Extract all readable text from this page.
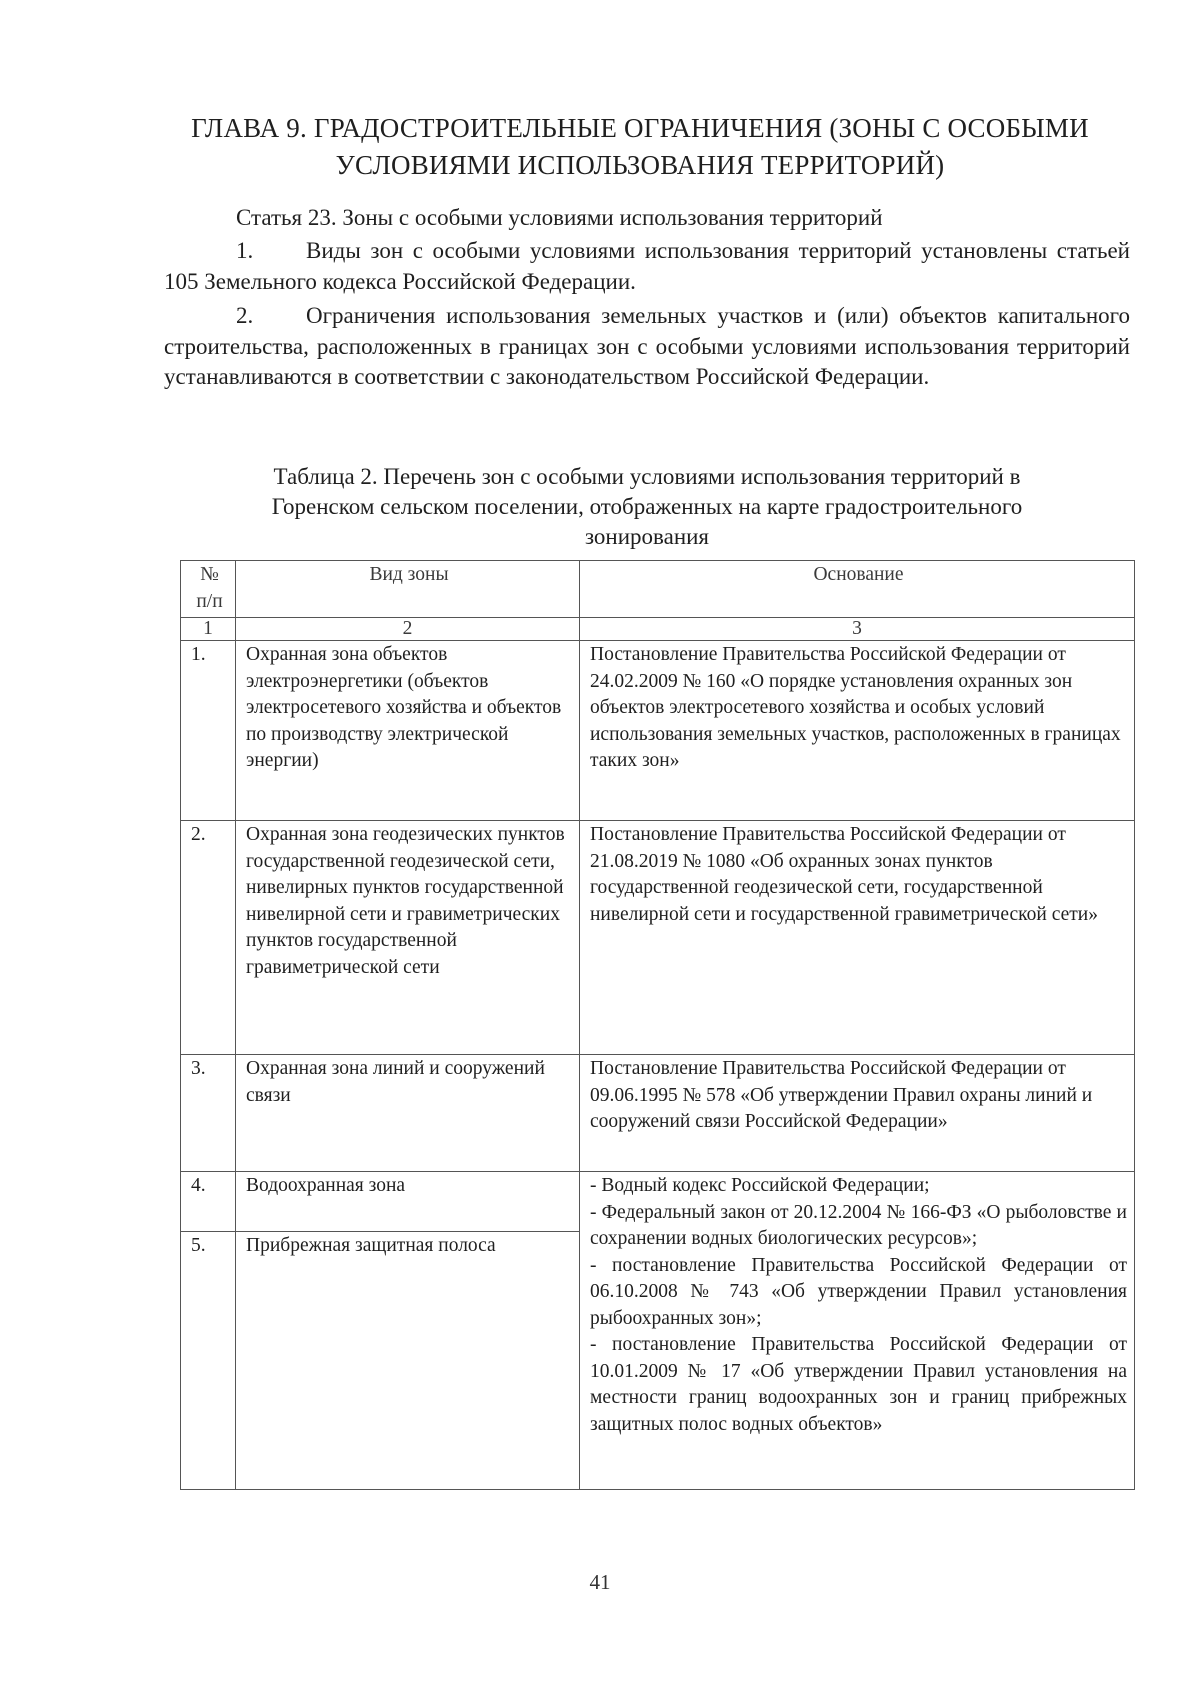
ГЛАВА 9. ГРАДОСТРОИТЕЛЬНЫЕ ОГРАНИЧЕНИЯ (ЗОНЫ С ОСОБЫМИ
УСЛОВИЯМИ ИСПОЛЬЗОВАНИЯ ТЕРРИТОРИЙ)
Статья 23. Зоны с особыми условиями использования территорий
1. Виды зон с особыми условиями использования территорий установлены статьей 105 Земельного кодекса Российской Федерации.
2. Ограничения использования земельных участков и (или) объектов капитального строительства, расположенных в границах зон с особыми условиями использования территорий устанавливаются в соответствии с законодательством Российской Федерации.
Таблица 2. Перечень зон с особыми условиями использования территорий в
Горенском сельском поселении, отображенных на карте градостроительного
зонирования
№ п/п	Вид зоны	Основание
1	2	3
1.	Охранная зона объектов электроэнергетики (объектов электросетевого хозяйства и объектов по производству электрической энергии)	Постановление Правительства Российской Федерации от 24.02.2009 № 160 «О порядке установления охранных зон объектов электросетевого хозяйства и особых условий использования земельных участков, расположенных в границах таких зон»
2.	Охранная зона геодезических пунктов государственной геодезической сети, нивелирных пунктов государственной нивелирной сети и гравиметрических пунктов государственной гравиметрической сети	Постановление Правительства Российской Федерации от 21.08.2019 № 1080 «Об охранных зонах пунктов государственной геодезической сети, государственной нивелирной сети и государственной гравиметрической сети»
3.	Охранная зона линий и сооружений связи	Постановление Правительства Российской Федерации от 09.06.1995 № 578 «Об утверждении Правил охраны линий и сооружений связи Российской Федерации»
4.	Водоохранная зона	- Водный кодекс Российской Федерации;
- Федеральный закон от 20.12.2004 № 166-ФЗ «О рыболовстве и сохранении водных биологических ресурсов»;
- постановление Правительства Российской Федерации от 06.10.2008 № 743 «Об утверждении Правил установления рыбоохранных зон»;
- постановление Правительства Российской Федерации от 10.01.2009 № 17 «Об утверждении Правил установления на местности границ водоохранных зон и границ прибрежных защитных полос водных объектов»

5.	Прибрежная защитная полоса	
41
